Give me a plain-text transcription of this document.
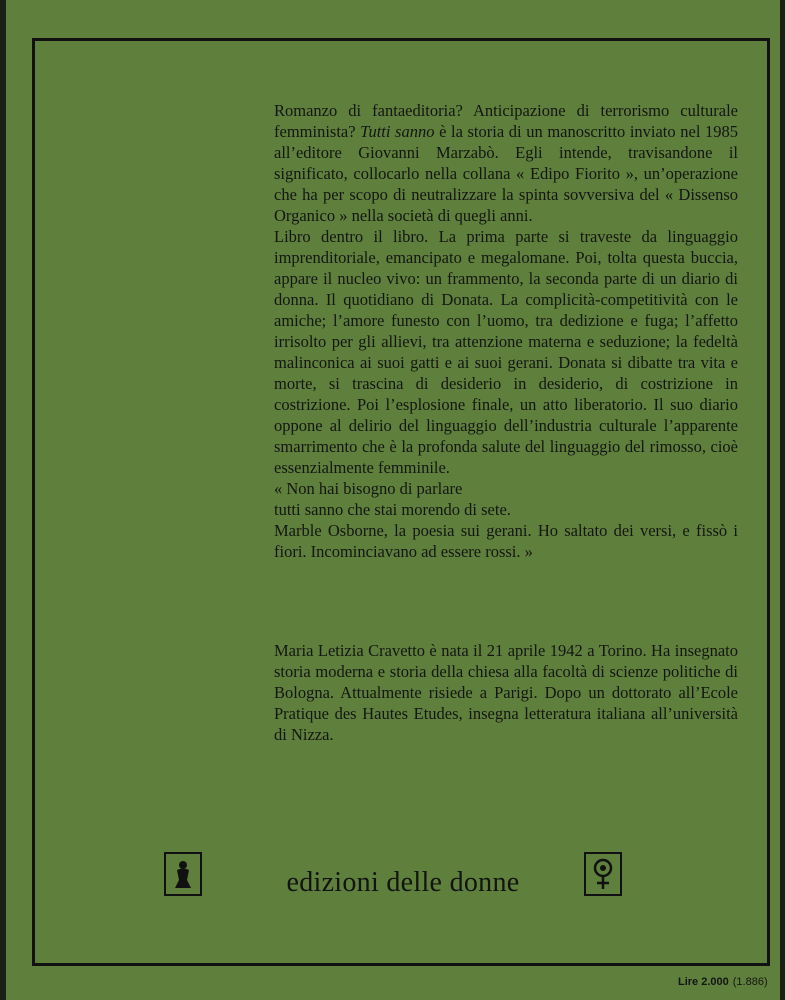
Romanzo di fantaeditoria? Anticipazione di terrorismo culturale femminista? Tutti sanno è la storia di un manoscritto inviato nel 1985 all’editore Giovanni Marzabò. Egli intende, travisandone il significato, collocarlo nella collana « Edipo Fiorito », un’operazione che ha per scopo di neutralizzare la spinta sovversiva del « Dissenso Organico » nella società di quegli anni.

Libro dentro il libro. La prima parte si traveste da linguaggio imprenditoriale, emancipato e megalomane. Poi, tolta questa buccia, appare il nucleo vivo: un frammento, la seconda parte di un diario di donna. Il quotidiano di Donata. La complicità-competitività con le amiche; l’amore funesto con l’uomo, tra dedizione e fuga; l’affetto irrisolto per gli allievi, tra attenzione materna e seduzione; la fedeltà malinconica ai suoi gatti e ai suoi gerani. Donata si dibatte tra vita e morte, si trascina di desiderio in desiderio, di costrizione in costrizione. Poi l’esplosione finale, un atto liberatorio. Il suo diario oppone al delirio del linguaggio dell’industria culturale l’apparente smarrimento che è la profonda salute del linguaggio del rimosso, cioè essenzialmente femminile.

« Non hai bisogno di parlare

tutti sanno che stai morendo di sete.

Marble Osborne, la poesia sui gerani. Ho saltato dei versi, e fissò i fiori. Incominciavano ad essere rossi. »

Maria Letizia Cravetto è nata il 21 aprile 1942 a Torino. Ha insegnato storia moderna e storia della chiesa alla facoltà di scienze politiche di Bologna. Attualmente risiede a Parigi. Dopo un dottorato all’Ecole Pratique des Hautes Etudes, insegna letteratura italiana all’università di Nizza.

edizioni delle donne
Lire 2.000 (1.886)
